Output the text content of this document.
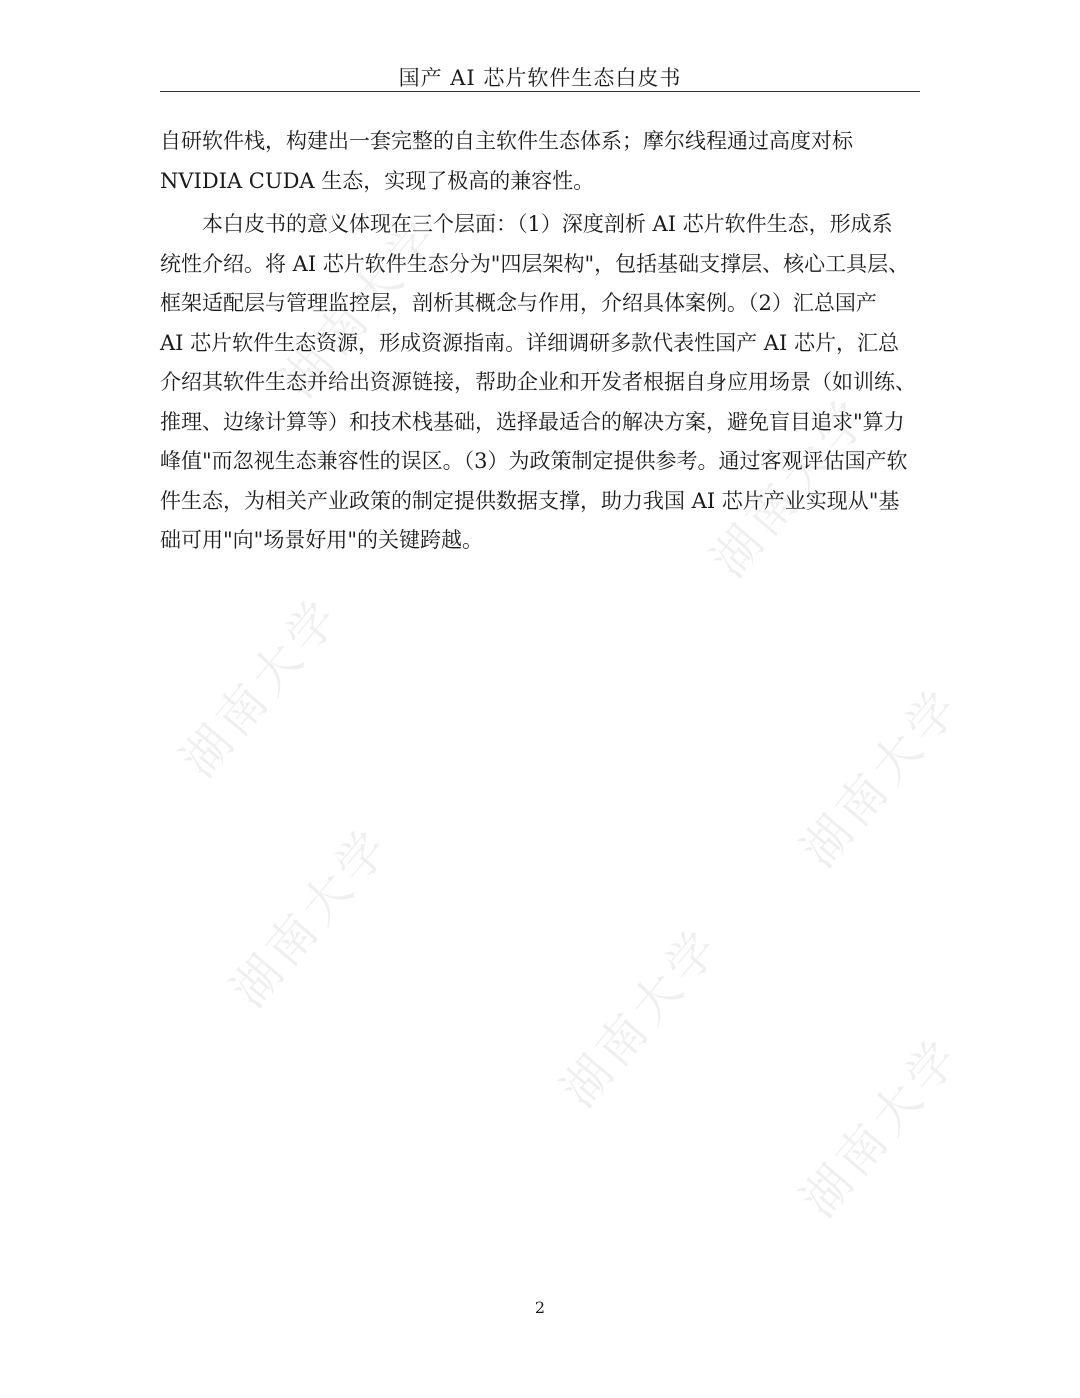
国产 AI 芯片软件生态白皮书
自研软件栈，构建出一套完整的自主软件生态体系；摩尔线程通过高度对标
NVIDIA CUDA 生态，实现了极高的兼容性。
　　本白皮书的意义体现在三个层面：（1）深度剖析 AI 芯片软件生态，形成系
统性介绍。将 AI 芯片软件生态分为"四层架构"，包括基础支撑层、核心工具层、
框架适配层与管理监控层，剖析其概念与作用，介绍具体案例。（2）汇总国产
AI 芯片软件生态资源，形成资源指南。详细调研多款代表性国产 AI 芯片，汇总
介绍其软件生态并给出资源链接，帮助企业和开发者根据自身应用场景（如训练、
推理、边缘计算等）和技术栈基础，选择最适合的解决方案，避免盲目追求"算力
峰值"而忽视生态兼容性的误区。（3）为政策制定提供参考。通过客观评估国产软
件生态，为相关产业政策的制定提供数据支撑，助力我国 AI 芯片产业实现从"基
础可用"向"场景好用"的关键跨越。
湖南大学
湖南大学	湖南大学
湖南大学
湖南大学
湖南大学
湖南大学
2
